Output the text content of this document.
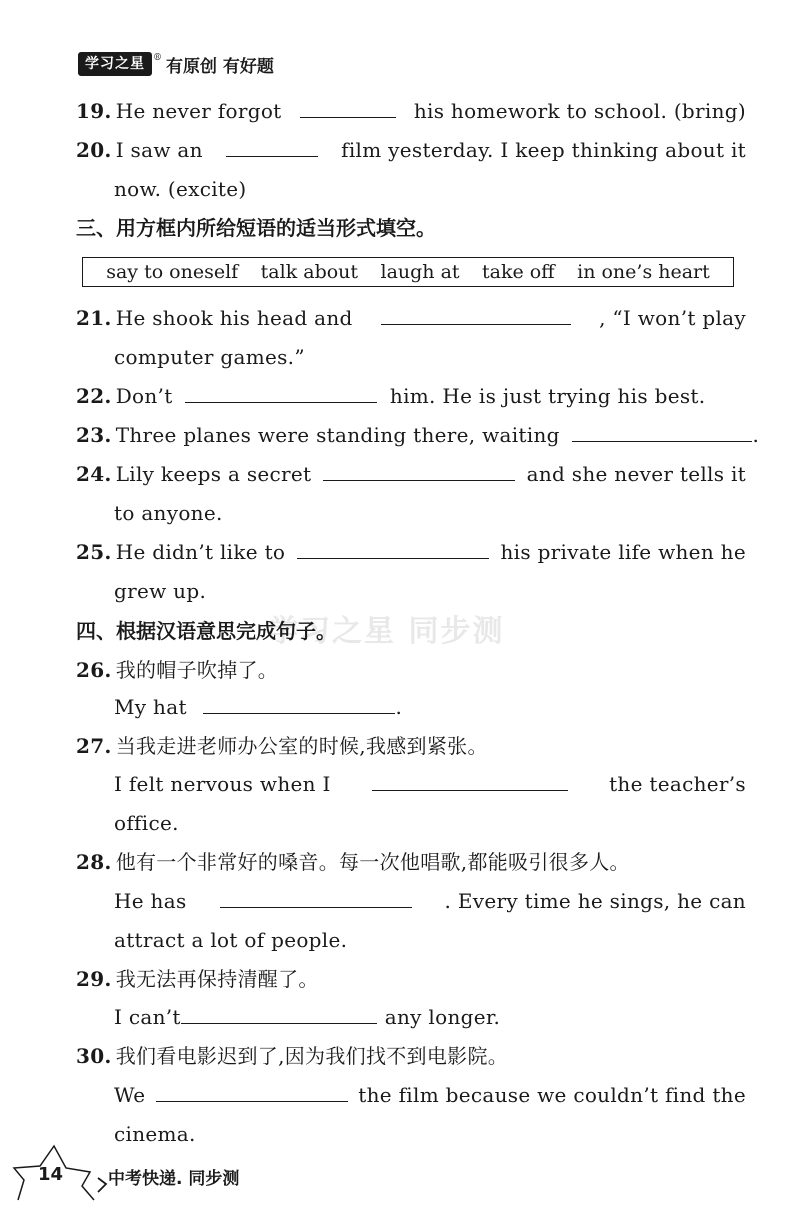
学习之星 ® 有原创 有好题
19. He never forgot	his homework to school. (bring)
20. I saw an	film yesterday. I keep thinking about it
now. (excite)
三、用方框内所给短语的适当形式填空。
say to oneself talk about laugh at take off in one’s heart
21. He shook his head and	, “I won’t play
computer games.”
22. Don’t	him. He is just trying his best.
23. Three planes were standing there, waiting	.
24. Lily keeps a secret	and she never tells it
to anyone.
25. He didn’t like to	his private life when he
grew up.
学习之星 同步测
四、根据汉语意思完成句子。
26. 我的帽子吹掉了。
My hat	.
27. 当我走进老师办公室的时候,我感到紧张。
I felt nervous when I	the teacher’s
office.
28. 他有一个非常好的嗓音。每一次他唱歌,都能吸引很多人。
He has	. Every time he sings, he can
attract a lot of people.
29. 我无法再保持清醒了。
I can’t	any longer.
30. 我们看电影迟到了,因为我们找不到电影院。
We	the film because we couldn’t find the
cinema.
14	中考快递. 同步测
